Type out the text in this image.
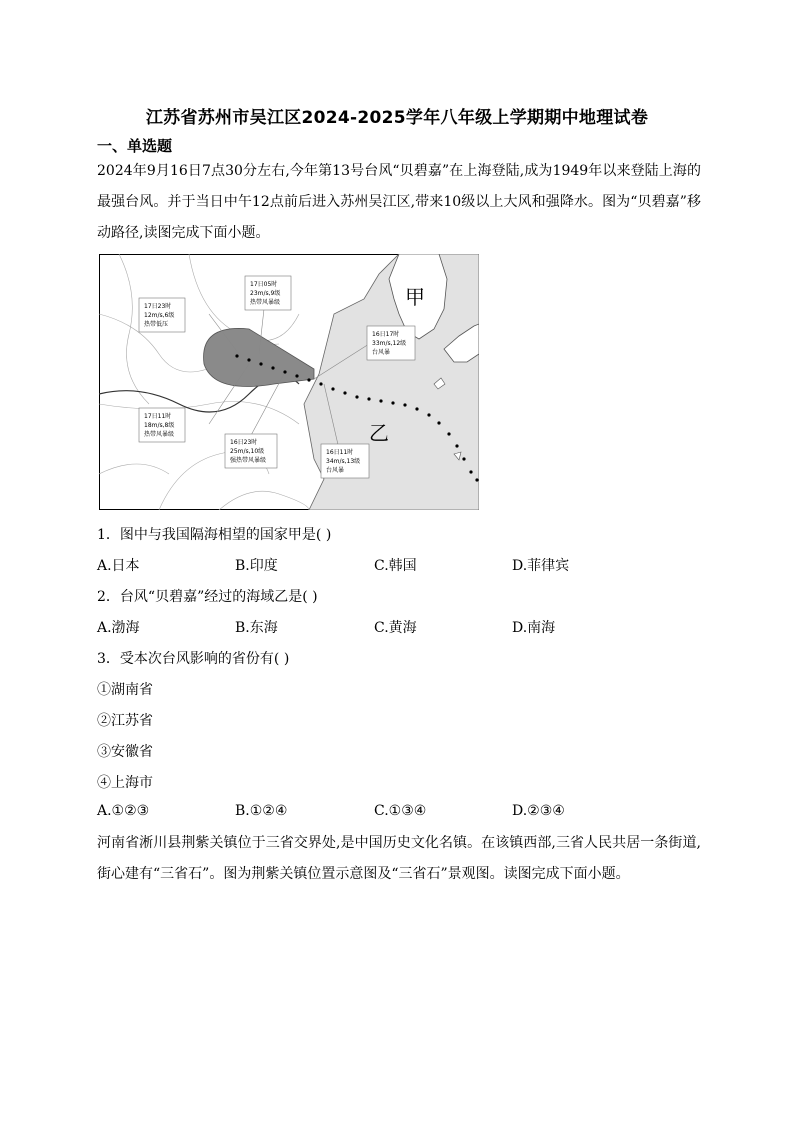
江苏省苏州市吴江区2024-2025学年八年级上学期期中地理试卷
一、单选题
2024年9月16日7点30分左右,今年第13号台风“贝碧嘉”在上海登陆,成为1949年以来登陆上海的最强台风。并于当日中午12点前后进入苏州吴江区,带来10级以上大风和强降水。图为“贝碧嘉”移动路径,读图完成下面小题。
17日23时
12m/s,6级
热带低压
17日05时
23m/s,9级
热带风暴级
16日17时
33m/s,12级
台风暴
17日11时
18m/s,8级
热带风暴级
16日23时
25m/s,10级
强热带风暴级
16日11时
34m/s,13级
台风暴
甲
乙
1．图中与我国隔海相望的国家甲是( )
A.日本	B.印度	C.韩国	D.菲律宾
2．台风“贝碧嘉”经过的海域乙是( )
A.渤海	B.东海	C.黄海	D.南海
3．受本次台风影响的省份有( )
①湖南省
②江苏省
③安徽省
④上海市
A.①②③	B.①②④	C.①③④	D.②③④
河南省淅川县荆紫关镇位于三省交界处,是中国历史文化名镇。在该镇西部,三省人民共居一条街道,街心建有“三省石”。图为荆紫关镇位置示意图及“三省石”景观图。读图完成下面小题。
